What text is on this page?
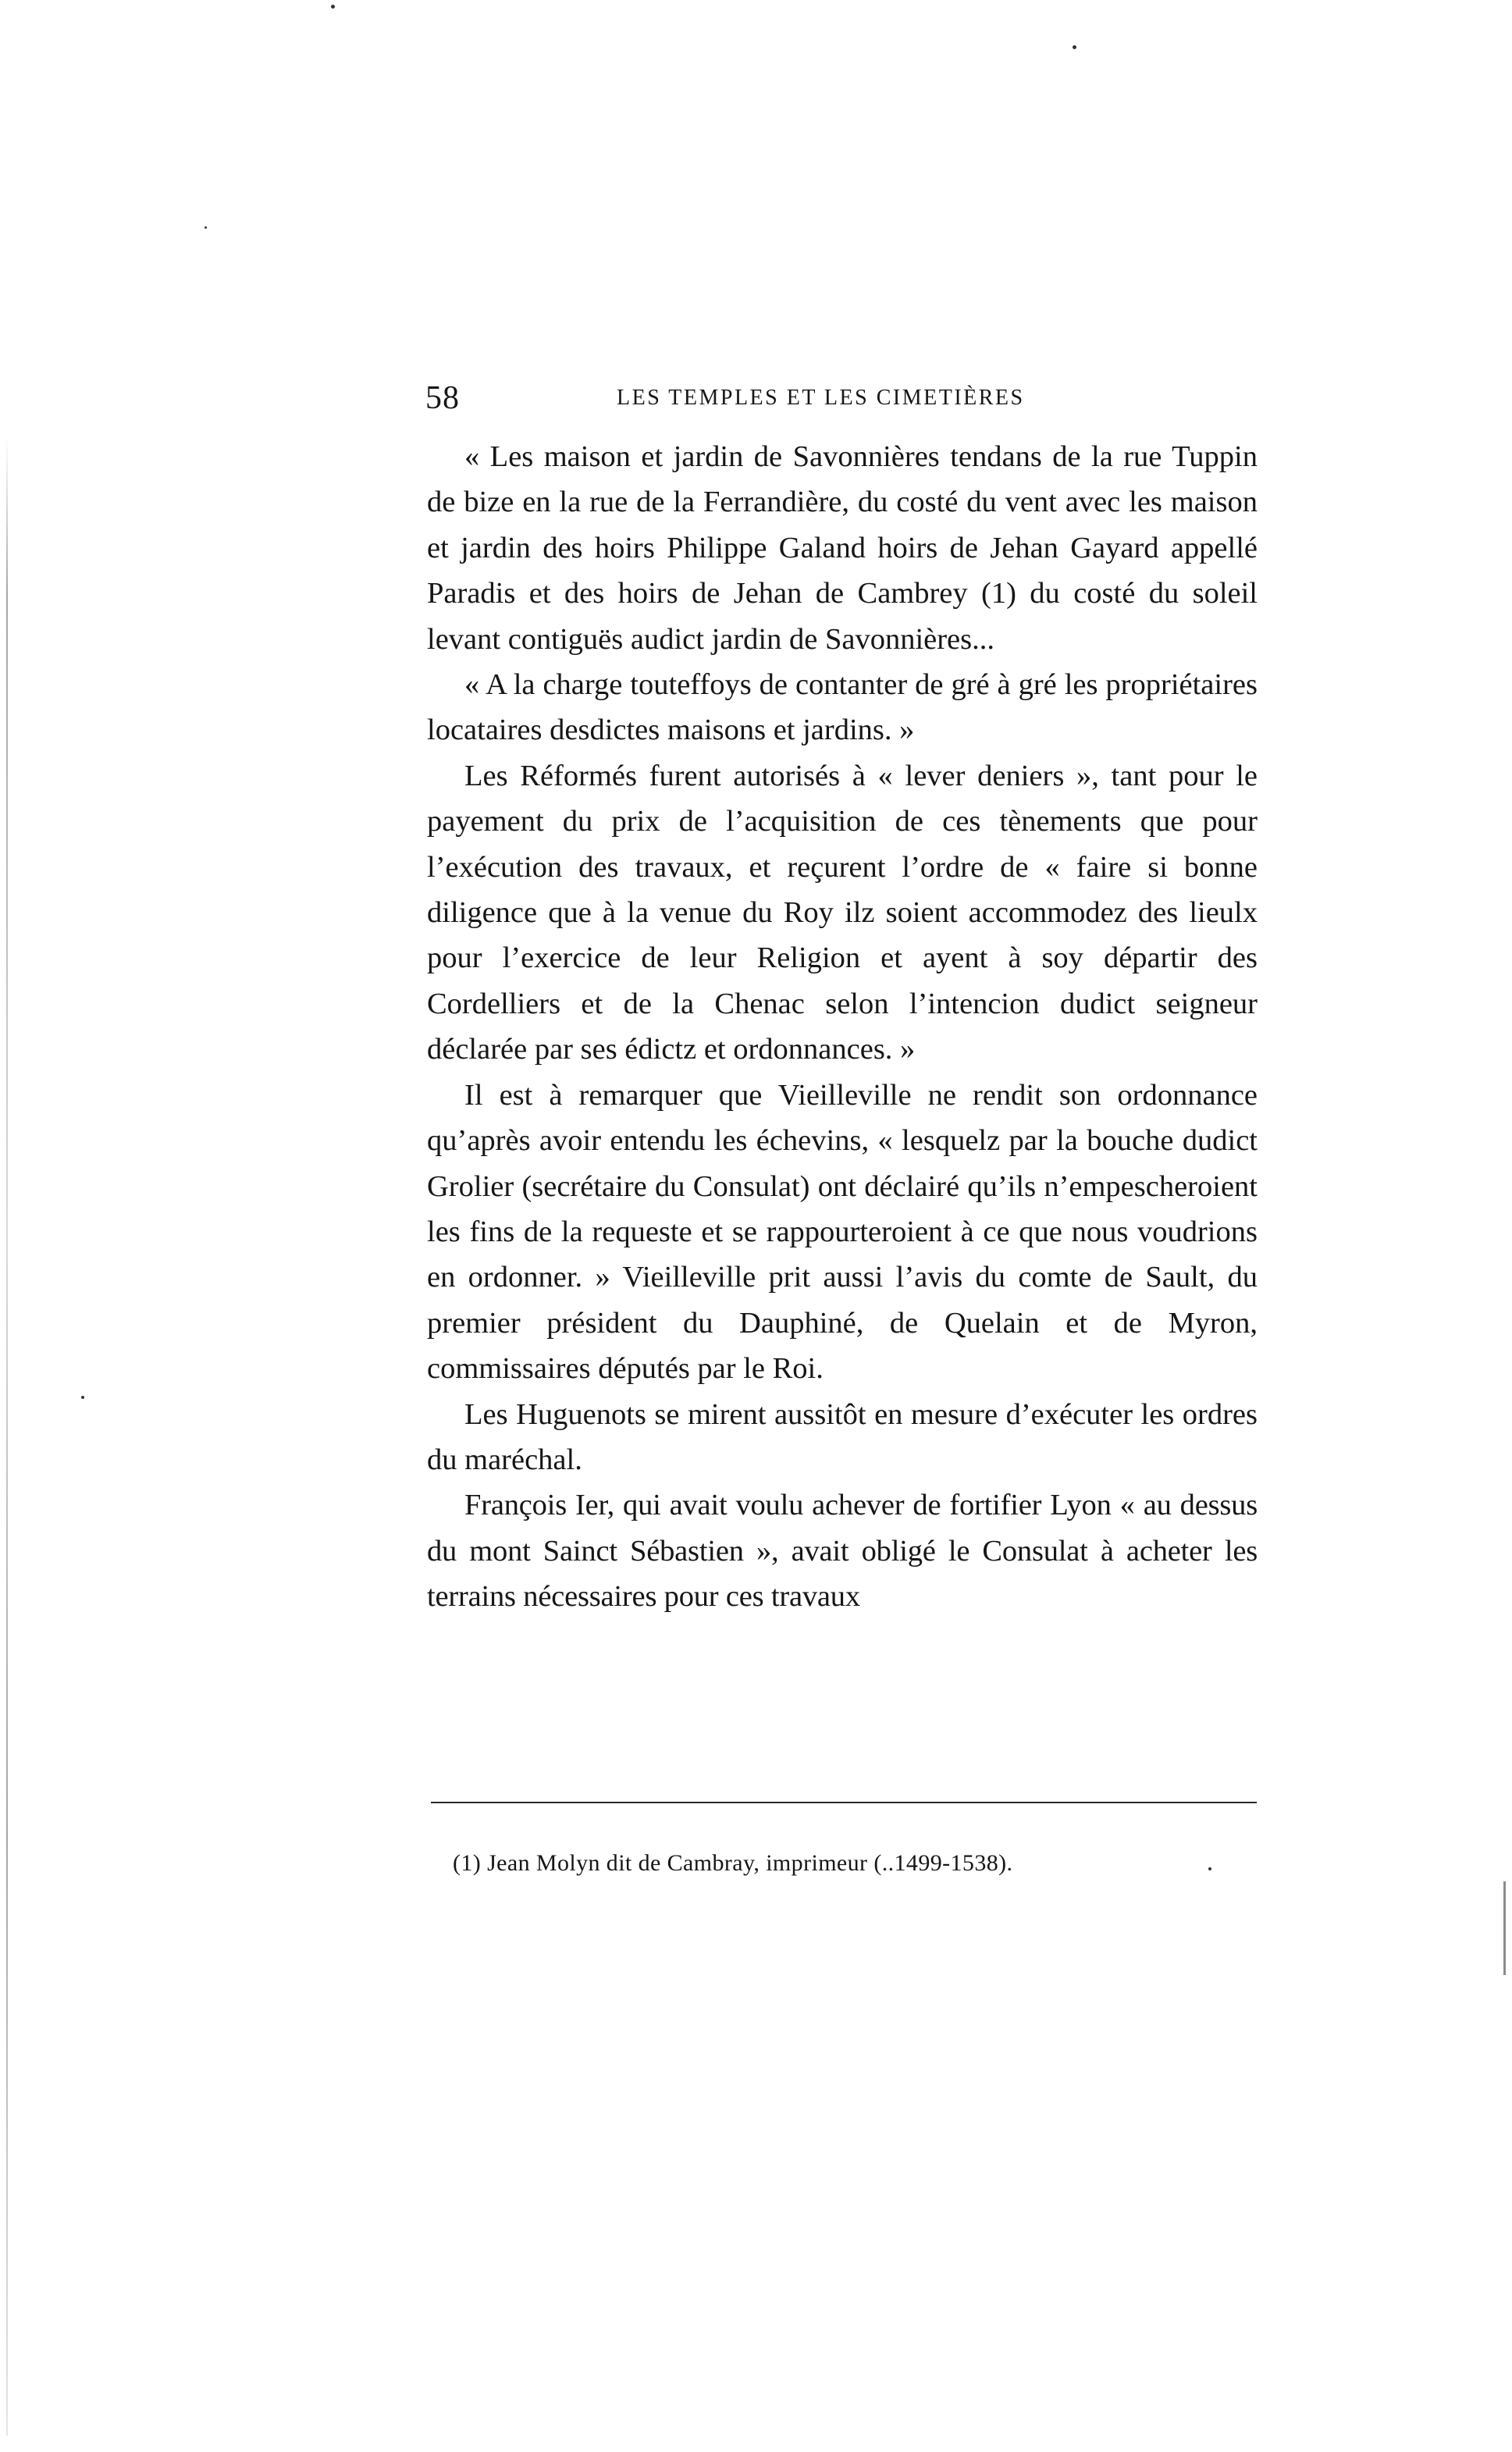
58	LES TEMPLES ET LES CIMETIÈRES

« Les maison et jardin de Savonnières tendans de la rue Tuppin de bize en la rue de la Ferrandière, du costé du vent avec les maison et jardin des hoirs Philippe Galand hoirs de Jehan Gayard appellé Paradis et des hoirs de Jehan de Cambrey (1) du costé du soleil levant contiguës audict jardin de Savonnières...

« A la charge touteffoys de contanter de gré à gré les propriétaires locataires desdictes maisons et jardins. »

Les Réformés furent autorisés à « lever deniers », tant pour le payement du prix de l’acquisition de ces tènements que pour l’exécution des travaux, et reçurent l’ordre de « faire si bonne diligence que à la venue du Roy ilz soient accommodez des lieulx pour l’exercice de leur Religion et ayent à soy départir des Cordelliers et de la Chenac selon l’intencion dudict seigneur déclarée par ses édictz et ordonnances. »

Il est à remarquer que Vieilleville ne rendit son ordonnance qu’après avoir entendu les échevins, « lesquelz par la bouche dudict Grolier (secrétaire du Consulat) ont déclairé qu’ils n’empescheroient les fins de la requeste et se rappourteroient à ce que nous voudrions en ordonner. » Vieilleville prit aussi l’avis du comte de Sault, du premier président du Dauphiné, de Quelain et de Myron, commissaires députés par le Roi.

Les Huguenots se mirent aussitôt en mesure d’exécuter les ordres du maréchal.

François Ier, qui avait voulu achever de fortifier Lyon « au dessus du mont Sainct Sébastien », avait obligé le Consulat à acheter les terrains nécessaires pour ces travaux

(1) Jean Molyn dit de Cambray, imprimeur (..1499-1538).
